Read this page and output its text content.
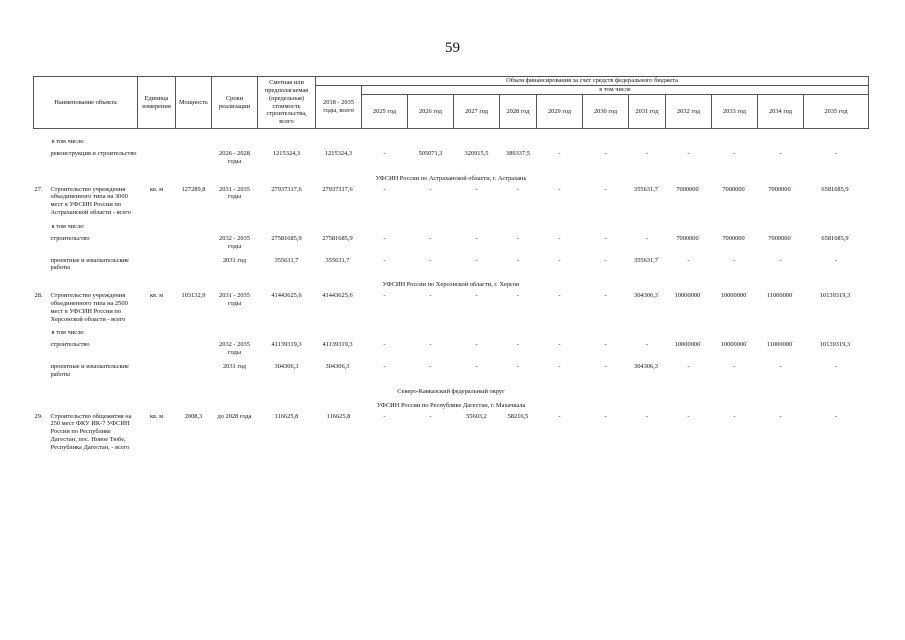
59
Наименование объекта	Единица измерения	Мощность	Сроки реализации	Сметная или предполагаемая (предельная) стоимость строительства, всего	Объем финансирования за счет средств федерального бюджета											
					2018 - 2035 годы, всего	в том числе										
						2025 год	2026 год	2027 год	2028 год	2029 год	2030 год	2031 год	2032 год	2033 год	2034 год	2035 год

в том числе:																

реконструкция и строительство			2026 - 2028 годы	1215324,3	1215324,3	-	505071,3	320915,5	389337,5	-	-	-	-	-	-	-

УФСИН России по Астраханской области, г. Астрахань																

27. Строительство учреждения объединенного типа на 3000 мест в УФСИН России по Астраханской области - всего	кв. м	127289,8	2031 - 2035 годы	27937317,6	27937317,6*	-	-	-	-	-	-	355631,7*	7000000*	7000000*	7000000*	6581685,9*

в том числе:																

строительство			2032 - 2035 годы	27581685,9	27581685,9*	-	-	-	-	-	-	-	7000000*	7000000*	7000000*	6581685,9*

проектные и изыскательские работы			2031 год	355631,7	355631,7*	-	-	-	-	-	-	355631,7*	-	-	-	-

УФСИН России по Херсонской области, г. Херсон																

28. Строительство учреждения объединенного типа на 2500 мест в УФСИН России по Херсонской области - всего	кв. м	103132,9	2031 - 2035 годы	41443625,6	41443625,6*	-	-	-	-	-	-	304306,3*	10000000*	10000000*	11000000*	10139319,3*

в том числе:																

строительство			2032 - 2035 годы	41139319,3	41139319,3*	-	-	-	-	-	-	-	10000000*	10000000*	11000000*	10139319,3*

проектные и изыскательские работы			2031 год	304306,3	304306,3*	-	-	-	-	-	-	304306,3*	-	-	-	-

Северо-Кавказский федеральный округ																
УФСИН России по Республике Дагестан, г. Махачкала																

29. Строительство общежития на 250 мест ФКУ ИК-7 УФСИН России по Республике Дагестан, пос. Новое Тюбе, Республика Дагестан, - всего	кв. м	2008,3	до 2028 года	116625,8	116625,8	-	-	55603,2	58216,5	-	-	-	-	-	-	-
